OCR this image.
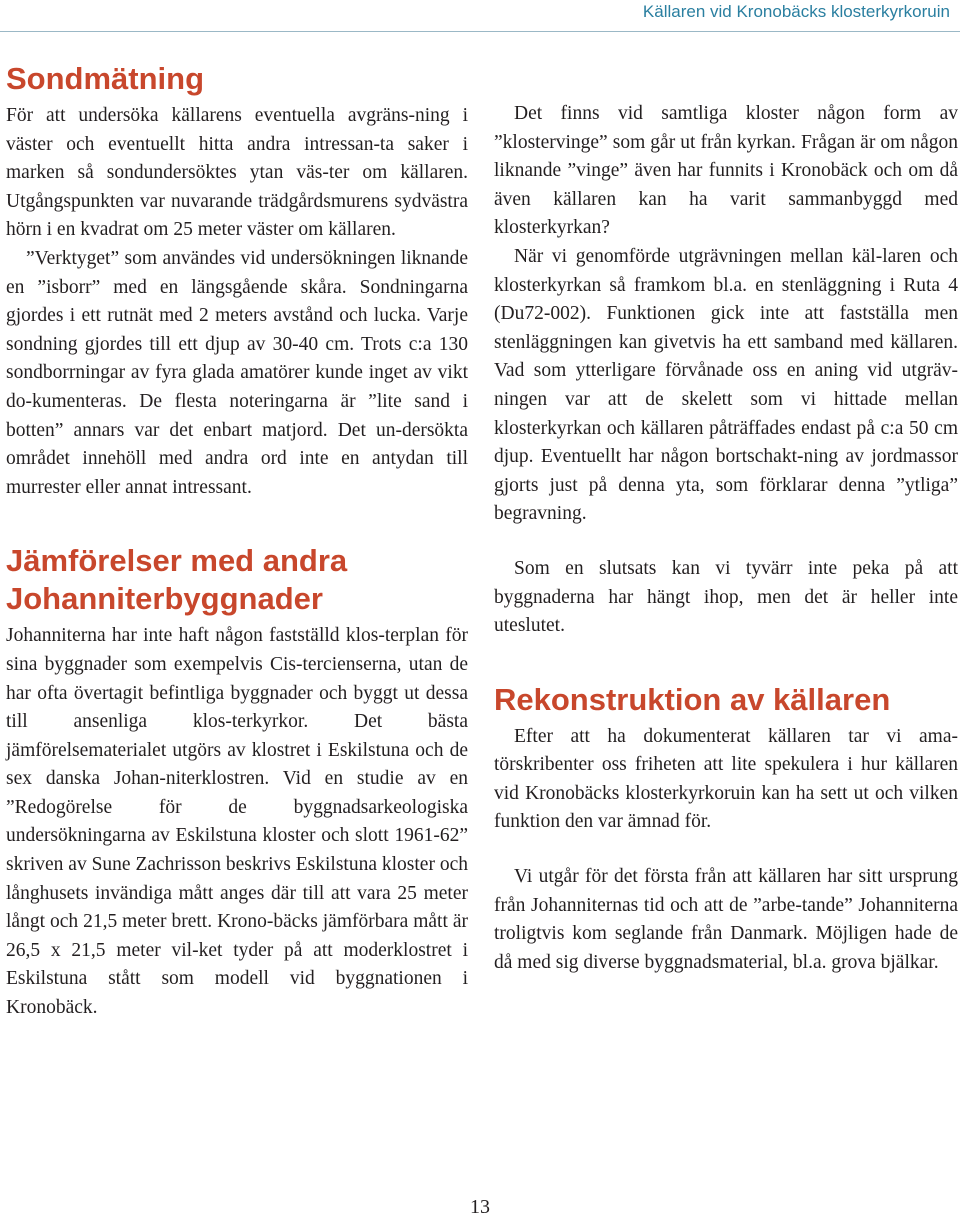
Källaren vid Kronobäcks klosterkyrkoruin
Sondmätning

För att undersöka källarens eventuella avgräns-ning i väster och eventuellt hitta andra intressan-ta saker i marken så sondundersöktes ytan väs-ter om källaren. Utgångspunkten var nuvarande trädgårdsmurens sydvästra hörn i en kvadrat om 25 meter väster om källaren.

”Verktyget” som användes vid undersökningen liknande en ”isborr” med en längsgående skåra. Sondningarna gjordes i ett rutnät med 2 meters avstånd och lucka. Varje sondning gjordes till ett djup av 30-40 cm. Trots c:a 130 sondborrningar av fyra glada amatörer kunde inget av vikt do-kumenteras. De flesta noteringarna är ”lite sand i botten” annars var det enbart matjord. Det un-dersökta området innehöll med andra ord inte en antydan till murrester eller annat intressant.

Jämförelser med andra Johanniterbyggnader

Johanniterna har inte haft någon fastställd klos-terplan för sina byggnader som exempelvis Cis-tercienserna, utan de har ofta övertagit befintliga byggnader och byggt ut dessa till ansenliga klos-terkyrkor. Det bästa jämförelsematerialet utgörs av klostret i Eskilstuna och de sex danska Johan-niterklostren. Vid en studie av en ”Redogörelse för de byggnadsarkeologiska undersökningarna av Eskilstuna kloster och slott 1961-62” skriven av Sune Zachrisson beskrivs Eskilstuna kloster och långhusets invändiga mått anges där till att vara 25 meter långt och 21,5 meter brett. Krono-bäcks jämförbara mått är 26,5 x 21,5 meter vil-ket tyder på att moderklostret i Eskilstuna stått som modell vid byggnationen i Kronobäck.

Det finns vid samtliga kloster någon form av ”klostervinge” som går ut från kyrkan. Frågan är om någon liknande ”vinge” även har funnits i Kronobäck och om då även källaren kan ha varit sammanbyggd med klosterkyrkan?

När vi genomförde utgrävningen mellan käl-laren och klosterkyrkan så framkom bl.a. en stenläggning i Ruta 4 (Du72-002). Funktionen gick inte att fastställa men stenläggningen kan givetvis ha ett samband med källaren. Vad som ytterligare förvånade oss en aning vid utgräv-ningen var att de skelett som vi hittade mellan klosterkyrkan och källaren påträffades endast på c:a 50 cm djup. Eventuellt har någon bortschakt-ning av jordmassor gjorts just på denna yta, som förklarar denna ”ytliga” begravning.

Som en slutsats kan vi tyvärr inte peka på att byggnaderna har hängt ihop, men det är heller inte uteslutet.

Rekonstruktion av källaren

Efter att ha dokumenterat källaren tar vi ama-törskribenter oss friheten att lite spekulera i hur källaren vid Kronobäcks klosterkyrkoruin kan ha sett ut och vilken funktion den var ämnad för.

Vi utgår för det första från att källaren har sitt ursprung från Johanniternas tid och att de ”arbe-tande” Johanniterna troligtvis kom seglande från Danmark. Möjligen hade de då med sig diverse byggnadsmaterial, bl.a. grova bjälkar.

13
